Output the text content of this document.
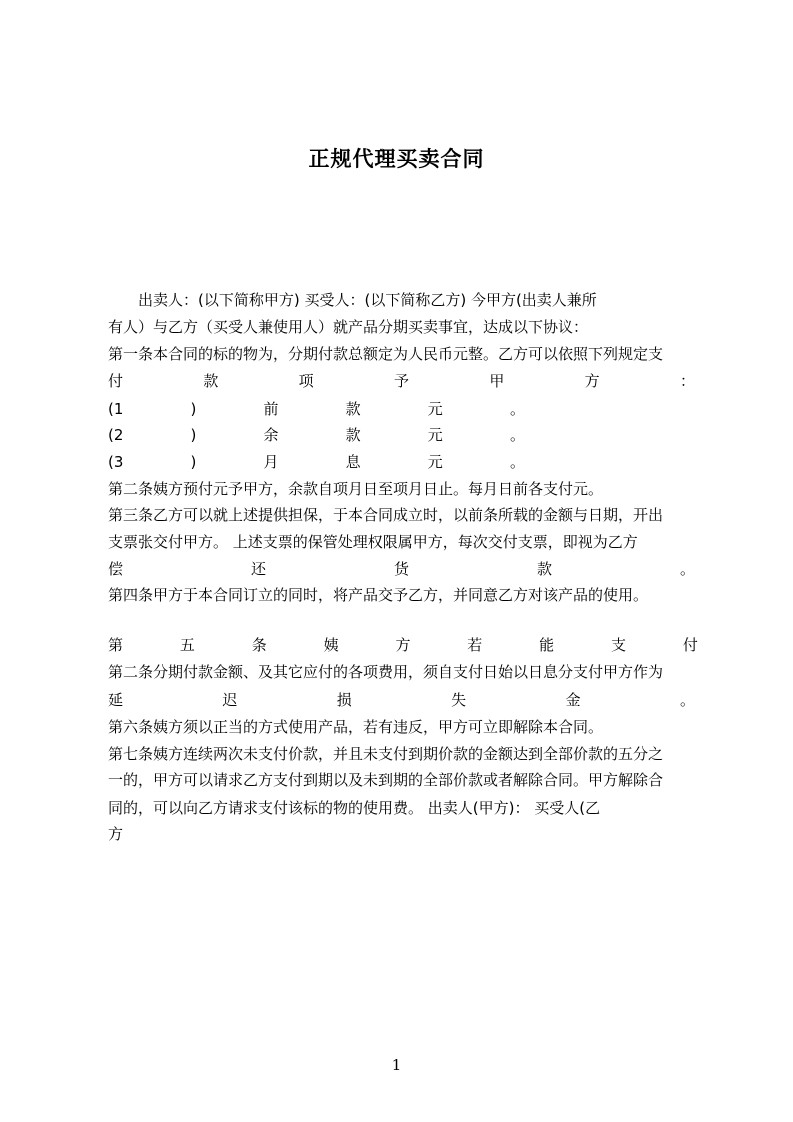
正规代理买卖合同
出卖人：(以下简称甲方) 买受人：(以下简称乙方) 今甲方(出卖人兼所
有人）与乙方（买受人兼使用人）就产品分期买卖事宜，达成以下协议：
第一条本合同的标的物为，分期付款总额定为人民币元整。乙方可以依照下列规定支
付	款	项	予	甲	方	：
(1	)	前	款	元	。
(2	)	余	款	元	。
(3	)	月	息	元	。
第二条姨方预付元予甲方，余款自项月日至项月日止。每月日前各支付元。
第三条乙方可以就上述提供担保，于本合同成立时，以前条所载的金额与日期，开出
支票张交付甲方。 上述支票的保管处理权限属甲方，每次交付支票，即视为乙方
偿	还	货	款	。
第四条甲方于本合同订立的同时，将产品交予乙方，并同意乙方对该产品的使用。
第	五	条	姨	方	若	能	支	付
第二条分期付款金额、及其它应付的各项费用，须自支付日始以日息分支付甲方作为
延	迟	损	失	金	。
第六条姨方须以正当的方式使用产品，若有违反，甲方可立即解除本合同。
第七条姨方连续两次未支付价款，并且未支付到期价款的金额达到全部价款的五分之
一的，甲方可以请求乙方支付到期以及未到期的全部价款或者解除合同。甲方解除合
同的，可以向乙方请求支付该标的物的使用费。 出卖人(甲方)： 买受人(乙
方
1
